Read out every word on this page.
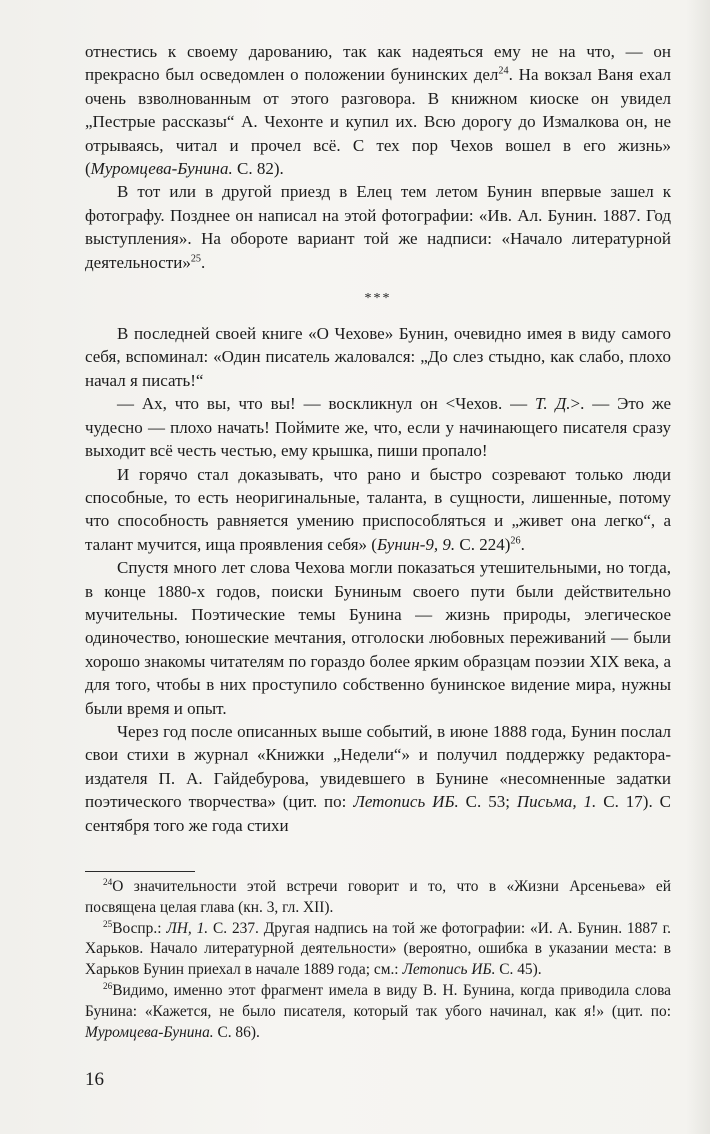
отнестись к своему дарованию, так как надеяться ему не на что, — он прекрасно был осведомлен о положении бунинских дел$^{24}$. На вокзал Ваня ехал очень взволнованным от этого разговора. В книжном киоске он увидел „Пестрые рассказы“ А. Чехонте и купил их. Всю дорогу до Измалкова он, не отрываясь, читал и прочел всё. С тех пор Чехов вошел в его жизнь» (Муромцева-Бунина. С. 82).

В тот или в другой приезд в Елец тем летом Бунин впервые зашел к фотографу. Позднее он написал на этой фотографии: «Ив. Ал. Бунин. 1887. Год выступления». На обороте вариант той же надписи: «Начало литературной деятельности»$^{25}$.

***

В последней своей книге «О Чехове» Бунин, очевидно имея в виду самого себя, вспоминал: «Один писатель жаловался: „До слез стыдно, как слабо, плохо начал я писать!“

— Ах, что вы, что вы! — воскликнул он <Чехов. — Т. Д.>. — Это же чудесно — плохо начать! Поймите же, что, если у начинающего писателя сразу выходит всё честь честью, ему крышка, пиши пропало!

И горячо стал доказывать, что рано и быстро созревают только люди способные, то есть неоригинальные, таланта, в сущности, лишенные, потому что способность равняется умению приспособляться и „живет она легко“, а талант мучится, ища проявления себя» (Бунин-9, 9. С. 224)$^{26}$.

Спустя много лет слова Чехова могли показаться утешительными, но тогда, в конце 1880-х годов, поиски Буниным своего пути были действительно мучительны. Поэтические темы Бунина — жизнь природы, элегическое одиночество, юношеские мечтания, отголоски любовных переживаний — были хорошо знакомы читателям по гораздо более ярким образцам поэзии XIX века, а для того, чтобы в них проступило собственно бунинское видение мира, нужны были время и опыт.

Через год после описанных выше событий, в июне 1888 года, Бунин послал свои стихи в журнал «Книжки „Недели“» и получил поддержку редактора-издателя П. А. Гайдебурова, увидевшего в Бунине «несомненные задатки поэтического творчества» (цит. по: Летопись ИБ. С. 53; Письма, 1. С. 17). С сентября того же года стихи

$^{24}$О значительности этой встречи говорит и то, что в «Жизни Арсеньева» ей посвящена целая глава (кн. 3, гл. XII).

$^{25}$Воспр.: ЛН, 1. С. 237. Другая надпись на той же фотографии: «И. А. Бунин. 1887 г. Харьков. Начало литературной деятельности» (вероятно, ошибка в указании места: в Харьков Бунин приехал в начале 1889 года; см.: Летопись ИБ. С. 45).

$^{26}$Видимо, именно этот фрагмент имела в виду В. Н. Бунина, когда приводила слова Бунина: «Кажется, не было писателя, который так убого начинал, как я!» (цит. по: Муромцева-Бунина. С. 86).

16
